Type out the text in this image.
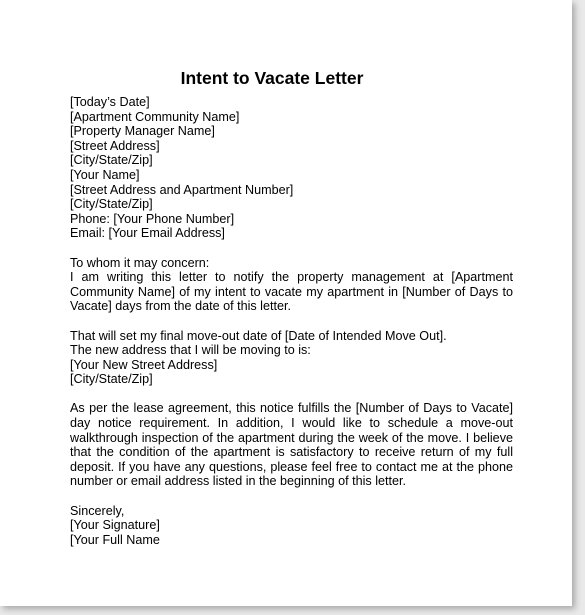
Intent to Vacate Letter
[Today’s Date]
[Apartment Community Name]
[Property Manager Name]
[Street Address]
[City/State/Zip]
[Your Name]
[Street Address and Apartment Number]
[City/State/Zip]
Phone: [Your Phone Number]
Email: [Your Email Address]
To whom it may concern:
I am writing this letter to notify the property management at [Apartment Community Name] of my intent to vacate my apartment in [Number of Days to Vacate] days from the date of this letter.
That will set my final move-out date of [Date of Intended Move Out].
The new address that I will be moving to is:
[Your New Street Address]
[City/State/Zip]
As per the lease agreement, this notice fulfills the [Number of Days to Vacate] day notice requirement. In addition, I would like to schedule a move-out walkthrough inspection of the apartment during the week of the move. I believe that the condition of the apartment is satisfactory to receive return of my full deposit. If you have any questions, please feel free to contact me at the phone number or email address listed in the beginning of this letter.
Sincerely,
[Your Signature]
[Your Full Name
